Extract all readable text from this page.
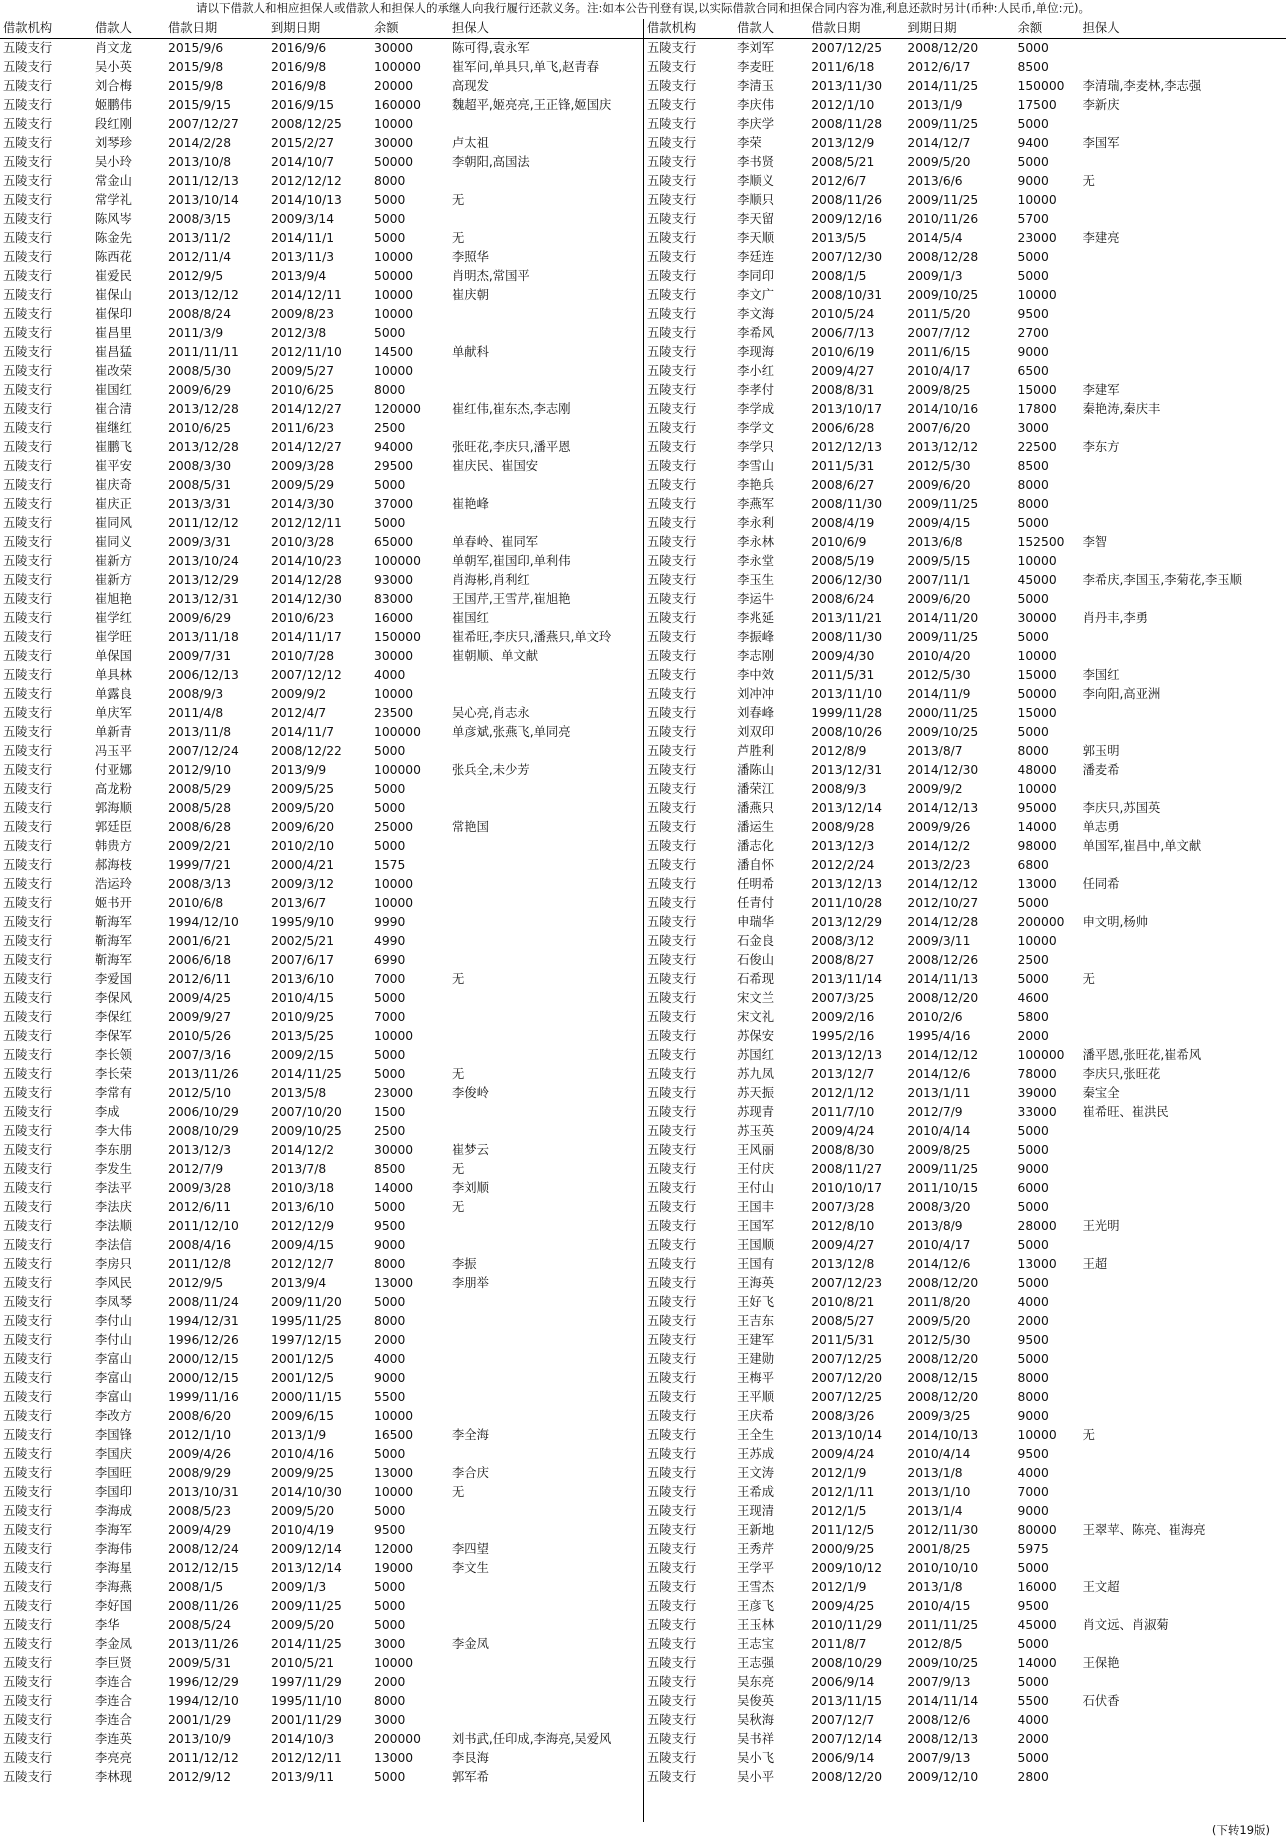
请以下借款人和相应担保人或借款人和担保人的承继人向我行履行还款义务。注:如本公告刊登有误,以实际借款合同和担保合同内容为准,利息还款时另计(币种:人民币,单位:元)。
借款机构	借款人	借款日期	到期日期	余额	担保人
五陵支行	肖文龙	2015/9/6	2016/9/6	30000	陈可得,袁永军
五陵支行	吴小英	2015/9/8	2016/9/8	100000	崔军问,单具只,单飞,赵青春
五陵支行	刘合梅	2015/9/8	2016/9/8	20000	高现发
五陵支行	姬鹏伟	2015/9/15	2016/9/15	160000	魏超平,姬亮亮,王正锋,姬国庆
五陵支行	段红刚	2007/12/27	2008/12/25	10000	
五陵支行	刘琴珍	2014/2/28	2015/2/27	30000	卢太祖
五陵支行	吴小玲	2013/10/8	2014/10/7	50000	李朝阳,高国法
五陵支行	常金山	2011/12/13	2012/12/12	8000	
五陵支行	常学礼	2013/10/14	2014/10/13	5000	无
五陵支行	陈风岑	2008/3/15	2009/3/14	5000	
五陵支行	陈金先	2013/11/2	2014/11/1	5000	无
五陵支行	陈西花	2012/11/4	2013/11/3	10000	李照华
五陵支行	崔爱民	2012/9/5	2013/9/4	50000	肖明杰,常国平
五陵支行	崔保山	2013/12/12	2014/12/11	10000	崔庆朝
五陵支行	崔保印	2008/8/24	2009/8/23	10000	
五陵支行	崔昌里	2011/3/9	2012/3/8	5000	
五陵支行	崔昌猛	2011/11/11	2012/11/10	14500	单献科
五陵支行	崔改荣	2008/5/30	2009/5/27	10000	
五陵支行	崔国红	2009/6/29	2010/6/25	8000	
五陵支行	崔合清	2013/12/28	2014/12/27	120000	崔红伟,崔东杰,李志刚
五陵支行	崔继红	2010/6/25	2011/6/23	2500	
五陵支行	崔鹏飞	2013/12/28	2014/12/27	94000	张旺花,李庆只,潘平恩
五陵支行	崔平安	2008/3/30	2009/3/28	29500	崔庆民、崔国安
五陵支行	崔庆奇	2008/5/31	2009/5/29	5000	
五陵支行	崔庆正	2013/3/31	2014/3/30	37000	崔艳峰
五陵支行	崔同风	2011/12/12	2012/12/11	5000	
五陵支行	崔同义	2009/3/31	2010/3/28	65000	单春岭、崔同军
五陵支行	崔新方	2013/10/24	2014/10/23	100000	单朝军,崔国印,单利伟
五陵支行	崔新方	2013/12/29	2014/12/28	93000	肖海彬,肖利红
五陵支行	崔旭艳	2013/12/31	2014/12/30	83000	王国芹,王雪芹,崔旭艳
五陵支行	崔学红	2009/6/29	2010/6/23	16000	崔国红
五陵支行	崔学旺	2013/11/18	2014/11/17	150000	崔希旺,李庆只,潘燕只,单文玲
五陵支行	单保国	2009/7/31	2010/7/28	30000	崔朝顺、单文献
五陵支行	单具林	2006/12/13	2007/12/12	4000	
五陵支行	单露良	2008/9/3	2009/9/2	10000	
五陵支行	单庆军	2011/4/8	2012/4/7	23500	吴心亮,肖志永
五陵支行	单新青	2013/11/8	2014/11/7	100000	单彦斌,张燕飞,单同亮
五陵支行	冯玉平	2007/12/24	2008/12/22	5000	
五陵支行	付亚娜	2012/9/10	2013/9/9	100000	张兵全,未少芳
五陵支行	高龙粉	2008/5/29	2009/5/25	5000	
五陵支行	郭海顺	2008/5/28	2009/5/20	5000	
五陵支行	郭廷臣	2008/6/28	2009/6/20	25000	常艳国
五陵支行	韩贵方	2009/2/21	2010/2/10	5000	
五陵支行	郝海枝	1999/7/21	2000/4/21	1575	
五陵支行	浩运玲	2008/3/13	2009/3/12	10000	
五陵支行	姬书开	2010/6/8	2013/6/7	10000	
五陵支行	靳海军	1994/12/10	1995/9/10	9990	
五陵支行	靳海军	2001/6/21	2002/5/21	4990	
五陵支行	靳海军	2006/6/18	2007/6/17	6990	
五陵支行	李爱国	2012/6/11	2013/6/10	7000	无
五陵支行	李保风	2009/4/25	2010/4/15	5000	
五陵支行	李保红	2009/9/27	2010/9/25	7000	
五陵支行	李保军	2010/5/26	2013/5/25	10000	
五陵支行	李长领	2007/3/16	2009/2/15	5000	
五陵支行	李长荣	2013/11/26	2014/11/25	5000	无
五陵支行	李常有	2012/5/10	2013/5/8	23000	李俊岭
五陵支行	李成	2006/10/29	2007/10/20	1500	
五陵支行	李大伟	2008/10/29	2009/10/25	2500	
五陵支行	李东朋	2013/12/3	2014/12/2	30000	崔梦云
五陵支行	李发生	2012/7/9	2013/7/8	8500	无
五陵支行	李法平	2009/3/28	2010/3/18	14000	李刘顺
五陵支行	李法庆	2012/6/11	2013/6/10	5000	无
五陵支行	李法顺	2011/12/10	2012/12/9	9500	
五陵支行	李法信	2008/4/16	2009/4/15	9000	
五陵支行	李房只	2011/12/8	2012/12/7	8000	李振
五陵支行	李风民	2012/9/5	2013/9/4	13000	李朋举
五陵支行	李凤琴	2008/11/24	2009/11/20	5000	
五陵支行	李付山	1994/12/31	1995/11/25	8000	
五陵支行	李付山	1996/12/26	1997/12/15	2000	
五陵支行	李富山	2000/12/15	2001/12/5	4000	
五陵支行	李富山	2000/12/15	2001/12/5	9000	
五陵支行	李富山	1999/11/16	2000/11/15	5500	
五陵支行	李改方	2008/6/20	2009/6/15	10000	
五陵支行	李国锋	2012/1/10	2013/1/9	16500	李全海
五陵支行	李国庆	2009/4/26	2010/4/16	5000	
五陵支行	李国旺	2008/9/29	2009/9/25	13000	李合庆
五陵支行	李国印	2013/10/31	2014/10/30	10000	无
五陵支行	李海成	2008/5/23	2009/5/20	5000	
五陵支行	李海军	2009/4/29	2010/4/19	9500	
五陵支行	李海伟	2008/12/24	2009/12/14	12000	李四望
五陵支行	李海星	2012/12/15	2013/12/14	19000	李文生
五陵支行	李海燕	2008/1/5	2009/1/3	5000	
五陵支行	李好国	2008/11/26	2009/11/25	5000	
五陵支行	李华	2008/5/24	2009/5/20	5000	
五陵支行	李金凤	2013/11/26	2014/11/25	3000	李金凤
五陵支行	李巨贤	2009/5/31	2010/5/21	10000	
五陵支行	李连合	1996/12/29	1997/11/29	2000	
五陵支行	李连合	1994/12/10	1995/11/10	8000	
五陵支行	李连合	2001/1/29	2001/11/29	3000	
五陵支行	李连英	2013/10/9	2014/10/3	200000	刘书武,任印成,李海亮,吴爱风
五陵支行	李亮亮	2011/12/12	2012/12/11	13000	李艮海
五陵支行	李林现	2012/9/12	2013/9/11	5000	郭军希
借款机构	借款人	借款日期	到期日期	余额	担保人
五陵支行	李刘军	2007/12/25	2008/12/20	5000	
五陵支行	李麦旺	2011/6/18	2012/6/17	8500	
五陵支行	李清玉	2013/11/30	2014/11/25	150000	李清瑞,李麦林,李志强
五陵支行	李庆伟	2012/1/10	2013/1/9	17500	李新庆
五陵支行	李庆学	2008/11/28	2009/11/25	5000	
五陵支行	李荣	2013/12/9	2014/12/7	9400	李国军
五陵支行	李书贤	2008/5/21	2009/5/20	5000	
五陵支行	李顺义	2012/6/7	2013/6/6	9000	无
五陵支行	李顺只	2008/11/26	2009/11/25	10000	
五陵支行	李天留	2009/12/16	2010/11/26	5700	
五陵支行	李天顺	2013/5/5	2014/5/4	23000	李建亮
五陵支行	李廷连	2007/12/30	2008/12/28	5000	
五陵支行	李同印	2008/1/5	2009/1/3	5000	
五陵支行	李文广	2008/10/31	2009/10/25	10000	
五陵支行	李文海	2010/5/24	2011/5/20	9500	
五陵支行	李希风	2006/7/13	2007/7/12	2700	
五陵支行	李现海	2010/6/19	2011/6/15	9000	
五陵支行	李小红	2009/4/27	2010/4/17	6500	
五陵支行	李孝付	2008/8/31	2009/8/25	15000	李建军
五陵支行	李学成	2013/10/17	2014/10/16	17800	秦艳涛,秦庆丰
五陵支行	李学文	2006/6/28	2007/6/20	3000	
五陵支行	李学只	2012/12/13	2013/12/12	22500	李东方
五陵支行	李雪山	2011/5/31	2012/5/30	8500	
五陵支行	李艳兵	2008/6/27	2009/6/20	8000	
五陵支行	李燕军	2008/11/30	2009/11/25	8000	
五陵支行	李永利	2008/4/19	2009/4/15	5000	
五陵支行	李永林	2010/6/9	2013/6/8	152500	李智
五陵支行	李永堂	2008/5/19	2009/5/15	10000	
五陵支行	李玉生	2006/12/30	2007/11/1	45000	李希庆,李国玉,李菊花,李玉顺
五陵支行	李运牛	2008/6/24	2009/6/20	5000	
五陵支行	李兆延	2013/11/21	2014/11/20	30000	肖丹丰,李勇
五陵支行	李振峰	2008/11/30	2009/11/25	5000	
五陵支行	李志刚	2009/4/30	2010/4/20	10000	
五陵支行	李中效	2011/5/31	2012/5/30	15000	李国红
五陵支行	刘冲冲	2013/11/10	2014/11/9	50000	李向阳,高亚洲
五陵支行	刘春峰	1999/11/28	2000/11/25	15000	
五陵支行	刘双印	2008/10/26	2009/10/25	5000	
五陵支行	芦胜利	2012/8/9	2013/8/7	8000	郭玉明
五陵支行	潘陈山	2013/12/31	2014/12/30	48000	潘麦希
五陵支行	潘荣江	2008/9/3	2009/9/2	10000	
五陵支行	潘燕只	2013/12/14	2014/12/13	95000	李庆只,苏国英
五陵支行	潘运生	2008/9/28	2009/9/26	14000	单志勇
五陵支行	潘志化	2013/12/3	2014/12/2	98000	单国军,崔昌中,单文献
五陵支行	潘自怀	2012/2/24	2013/2/23	6800	
五陵支行	任明希	2013/12/13	2014/12/12	13000	任同希
五陵支行	任青付	2011/10/28	2012/10/27	5000	
五陵支行	申瑞华	2013/12/29	2014/12/28	200000	申文明,杨帅
五陵支行	石金良	2008/3/12	2009/3/11	10000	
五陵支行	石俊山	2008/8/27	2008/12/26	2500	
五陵支行	石希现	2013/11/14	2014/11/13	5000	无
五陵支行	宋文兰	2007/3/25	2008/12/20	4600	
五陵支行	宋文礼	2009/2/16	2010/2/6	5800	
五陵支行	苏保安	1995/2/16	1995/4/16	2000	
五陵支行	苏国红	2013/12/13	2014/12/12	100000	潘平恩,张旺花,崔希风
五陵支行	苏九凤	2013/12/7	2014/12/6	78000	李庆只,张旺花
五陵支行	苏天振	2012/1/12	2013/1/11	39000	秦宝全
五陵支行	苏现青	2011/7/10	2012/7/9	33000	崔希旺、崔洪民
五陵支行	苏玉英	2009/4/24	2010/4/14	5000	
五陵支行	王风丽	2008/8/30	2009/8/25	5000	
五陵支行	王付庆	2008/11/27	2009/11/25	9000	
五陵支行	王付山	2010/10/17	2011/10/15	6000	
五陵支行	王国丰	2007/3/28	2008/3/20	5000	
五陵支行	王国军	2012/8/10	2013/8/9	28000	王光明
五陵支行	王国顺	2009/4/27	2010/4/17	5000	
五陵支行	王国有	2013/12/8	2014/12/6	13000	王超
五陵支行	王海英	2007/12/23	2008/12/20	5000	
五陵支行	王好飞	2010/8/21	2011/8/20	4000	
五陵支行	王吉东	2008/5/27	2009/5/20	2000	
五陵支行	王建军	2011/5/31	2012/5/30	9500	
五陵支行	王建勋	2007/12/25	2008/12/20	5000	
五陵支行	王梅平	2007/12/20	2008/12/15	8000	
五陵支行	王平顺	2007/12/25	2008/12/20	8000	
五陵支行	王庆希	2008/3/26	2009/3/25	9000	
五陵支行	王全生	2013/10/14	2014/10/13	10000	无
五陵支行	王苏成	2009/4/24	2010/4/14	9500	
五陵支行	王文涛	2012/1/9	2013/1/8	4000	
五陵支行	王希成	2012/1/11	2013/1/10	7000	
五陵支行	王现清	2012/1/5	2013/1/4	9000	
五陵支行	王新地	2011/12/5	2012/11/30	80000	王翠苹、陈亮、崔海亮
五陵支行	王秀芹	2000/9/25	2001/8/25	5975	
五陵支行	王学平	2009/10/12	2010/10/10	5000	
五陵支行	王雪杰	2012/1/9	2013/1/8	16000	王文超
五陵支行	王彦飞	2009/4/25	2010/4/15	9500	
五陵支行	王玉林	2010/11/29	2011/11/25	45000	肖文远、肖淑菊
五陵支行	王志宝	2011/8/7	2012/8/5	5000	
五陵支行	王志强	2008/10/29	2009/10/25	14000	王保艳
五陵支行	吴东亮	2006/9/14	2007/9/13	5000	
五陵支行	吴俊英	2013/11/15	2014/11/14	5500	石伏香
五陵支行	吴秋海	2007/12/7	2008/12/6	4000	
五陵支行	吴书祥	2007/12/14	2008/12/13	2000	
五陵支行	吴小飞	2006/9/14	2007/9/13	5000	
五陵支行	吴小平	2008/12/20	2009/12/10	2800	
(下转19版)
